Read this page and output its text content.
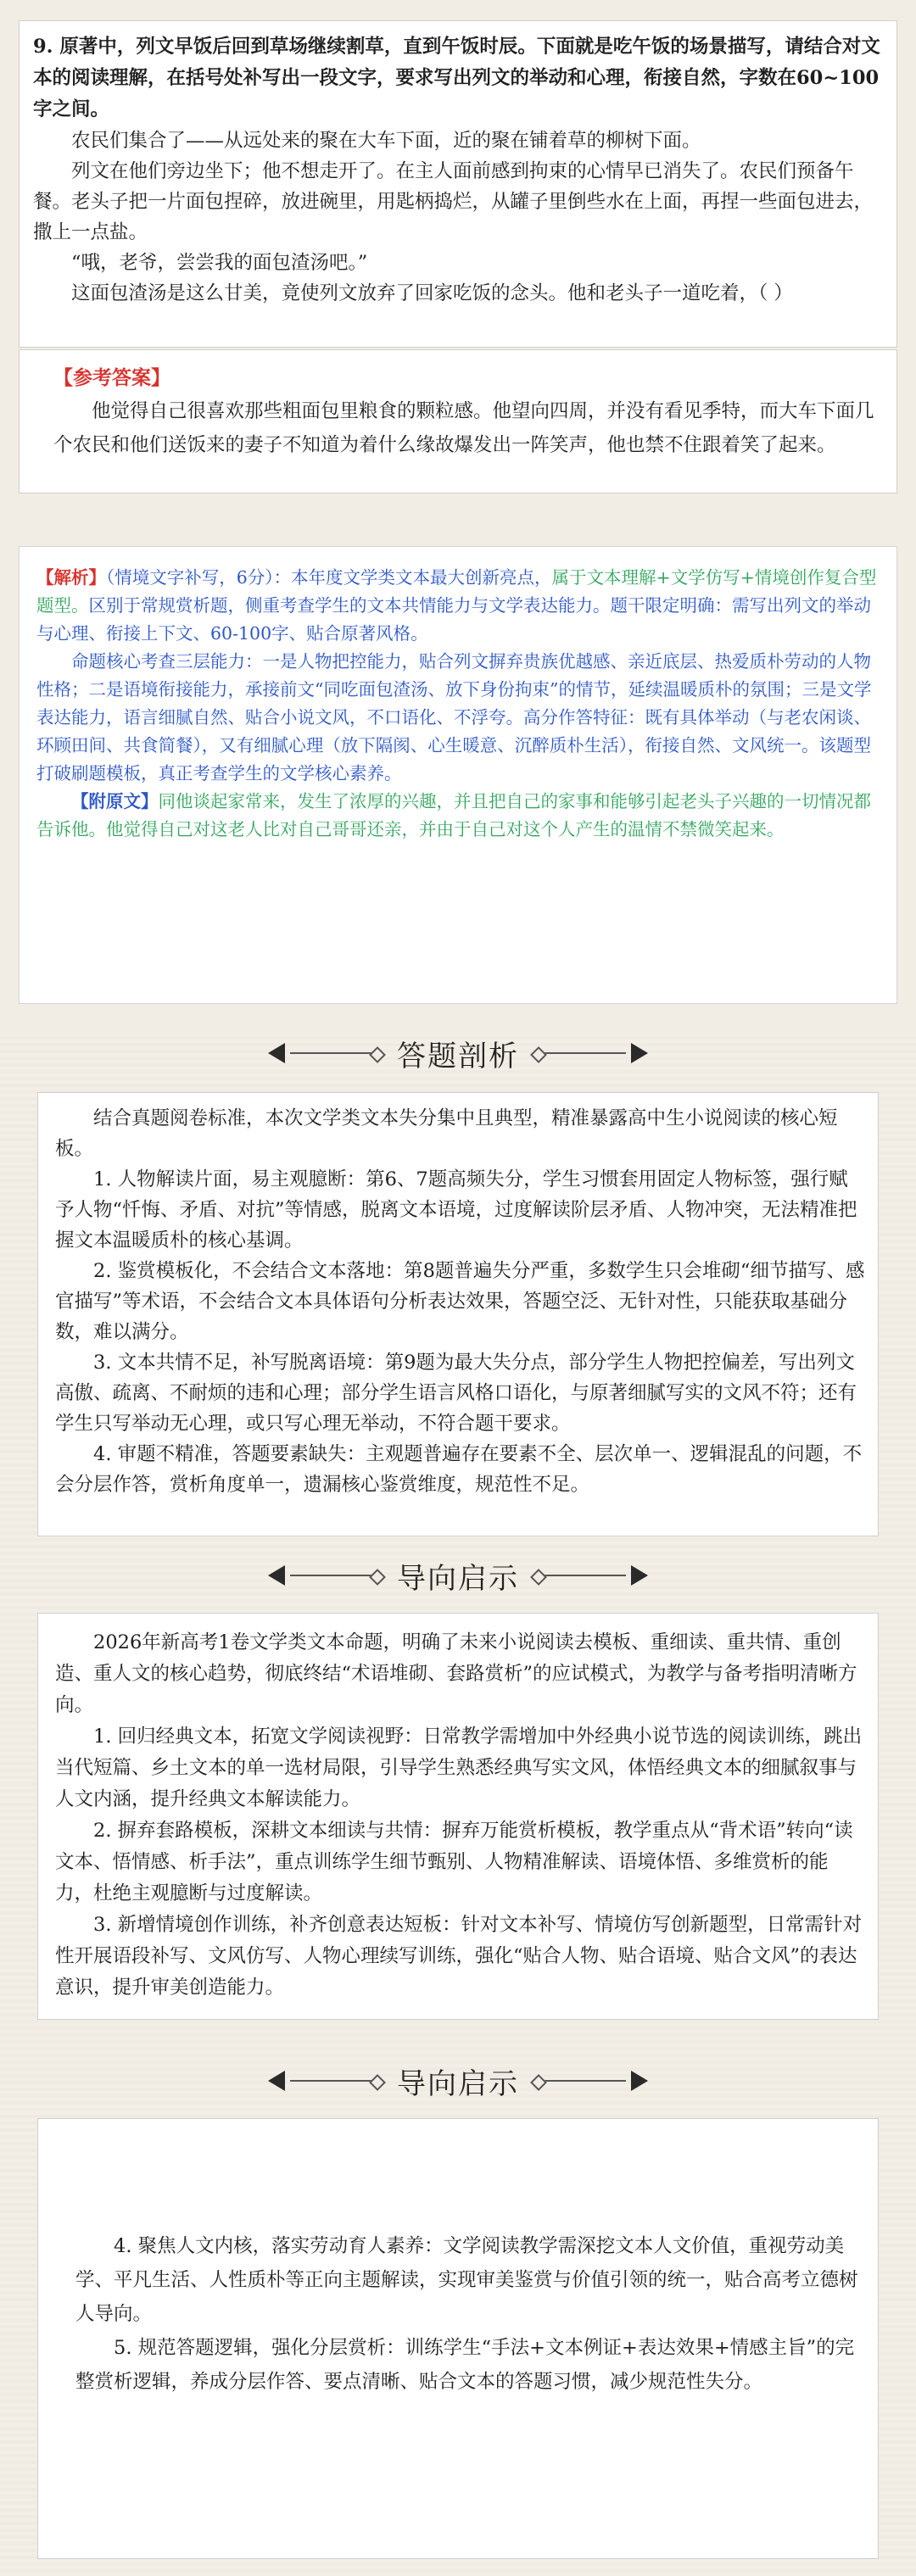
9. 原著中，列文早饭后回到草场继续割草，直到午饭时辰。下面就是吃午饭的场景描写，请结合对文本的阅读理解，在括号处补写出一段文字，要求写出列文的举动和心理，衔接自然，字数在60~100字之间。
农民们集合了——从远处来的聚在大车下面，近的聚在铺着草的柳树下面。
列文在他们旁边坐下；他不想走开了。在主人面前感到拘束的心情早已消失了。农民们预备午餐。老头子把一片面包捏碎，放进碗里，用匙柄捣烂，从罐子里倒些水在上面，再捏一些面包进去，撒上一点盐。
“哦，老爷，尝尝我的面包渣汤吧。”
这面包渣汤是这么甘美，竟使列文放弃了回家吃饭的念头。他和老头子一道吃着，（ ）
【参考答案】
他觉得自己很喜欢那些粗面包里粮食的颗粒感。他望向四周，并没有看见季特，而大车下面几个农民和他们送饭来的妻子不知道为着什么缘故爆发出一阵笑声，他也禁不住跟着笑了起来。
【解析】（情境文字补写，6分）：本年度文学类文本最大创新亮点，属于文本理解+文学仿写+情境创作复合型题型。区别于常规赏析题，侧重考查学生的文本共情能力与文学表达能力。题干限定明确：需写出列文的举动与心理、衔接上下文、60-100字、贴合原著风格。
命题核心考查三层能力：一是人物把控能力，贴合列文摒弃贵族优越感、亲近底层、热爱质朴劳动的人物性格；二是语境衔接能力，承接前文“同吃面包渣汤、放下身份拘束”的情节，延续温暖质朴的氛围；三是文学表达能力，语言细腻自然、贴合小说文风，不口语化、不浮夸。高分作答特征：既有具体举动（与老农闲谈、环顾田间、共食简餐），又有细腻心理（放下隔阂、心生暖意、沉醉质朴生活），衔接自然、文风统一。该题型打破刷题模板，真正考查学生的文学核心素养。
【附原文】同他谈起家常来，发生了浓厚的兴趣，并且把自己的家事和能够引起老头子兴趣的一切情况都告诉他。他觉得自己对这老人比对自己哥哥还亲，并由于自己对这个人产生的温情不禁微笑起来。
答题剖析
结合真题阅卷标准，本次文学类文本失分集中且典型，精准暴露高中生小说阅读的核心短板。
1. 人物解读片面，易主观臆断：第6、7题高频失分，学生习惯套用固定人物标签，强行赋予人物“忏悔、矛盾、对抗”等情感，脱离文本语境，过度解读阶层矛盾、人物冲突，无法精准把握文本温暖质朴的核心基调。
2. 鉴赏模板化，不会结合文本落地：第8题普遍失分严重，多数学生只会堆砌“细节描写、感官描写”等术语，不会结合文本具体语句分析表达效果，答题空泛、无针对性，只能获取基础分数，难以满分。
3. 文本共情不足，补写脱离语境：第9题为最大失分点，部分学生人物把控偏差，写出列文高傲、疏离、不耐烦的违和心理；部分学生语言风格口语化，与原著细腻写实的文风不符；还有学生只写举动无心理，或只写心理无举动，不符合题干要求。
4. 审题不精准，答题要素缺失：主观题普遍存在要素不全、层次单一、逻辑混乱的问题，不会分层作答，赏析角度单一，遗漏核心鉴赏维度，规范性不足。
导向启示
2026年新高考1卷文学类文本命题，明确了未来小说阅读去模板、重细读、重共情、重创造、重人文的核心趋势，彻底终结“术语堆砌、套路赏析”的应试模式，为教学与备考指明清晰方向。
1. 回归经典文本，拓宽文学阅读视野：日常教学需增加中外经典小说节选的阅读训练，跳出当代短篇、乡土文本的单一选材局限，引导学生熟悉经典写实文风，体悟经典文本的细腻叙事与人文内涵，提升经典文本解读能力。
2. 摒弃套路模板，深耕文本细读与共情：摒弃万能赏析模板，教学重点从“背术语”转向“读文本、悟情感、析手法”，重点训练学生细节甄别、人物精准解读、语境体悟、多维赏析的能力，杜绝主观臆断与过度解读。
3. 新增情境创作训练，补齐创意表达短板：针对文本补写、情境仿写创新题型，日常需针对性开展语段补写、文风仿写、人物心理续写训练，强化“贴合人物、贴合语境、贴合文风”的表达意识，提升审美创造能力。
导向启示
4. 聚焦人文内核，落实劳动育人素养：文学阅读教学需深挖文本人文价值，重视劳动美学、平凡生活、人性质朴等正向主题解读，实现审美鉴赏与价值引领的统一，贴合高考立德树人导向。
5. 规范答题逻辑，强化分层赏析：训练学生“手法+文本例证+表达效果+情感主旨”的完整赏析逻辑，养成分层作答、要点清晰、贴合文本的答题习惯，减少规范性失分。
